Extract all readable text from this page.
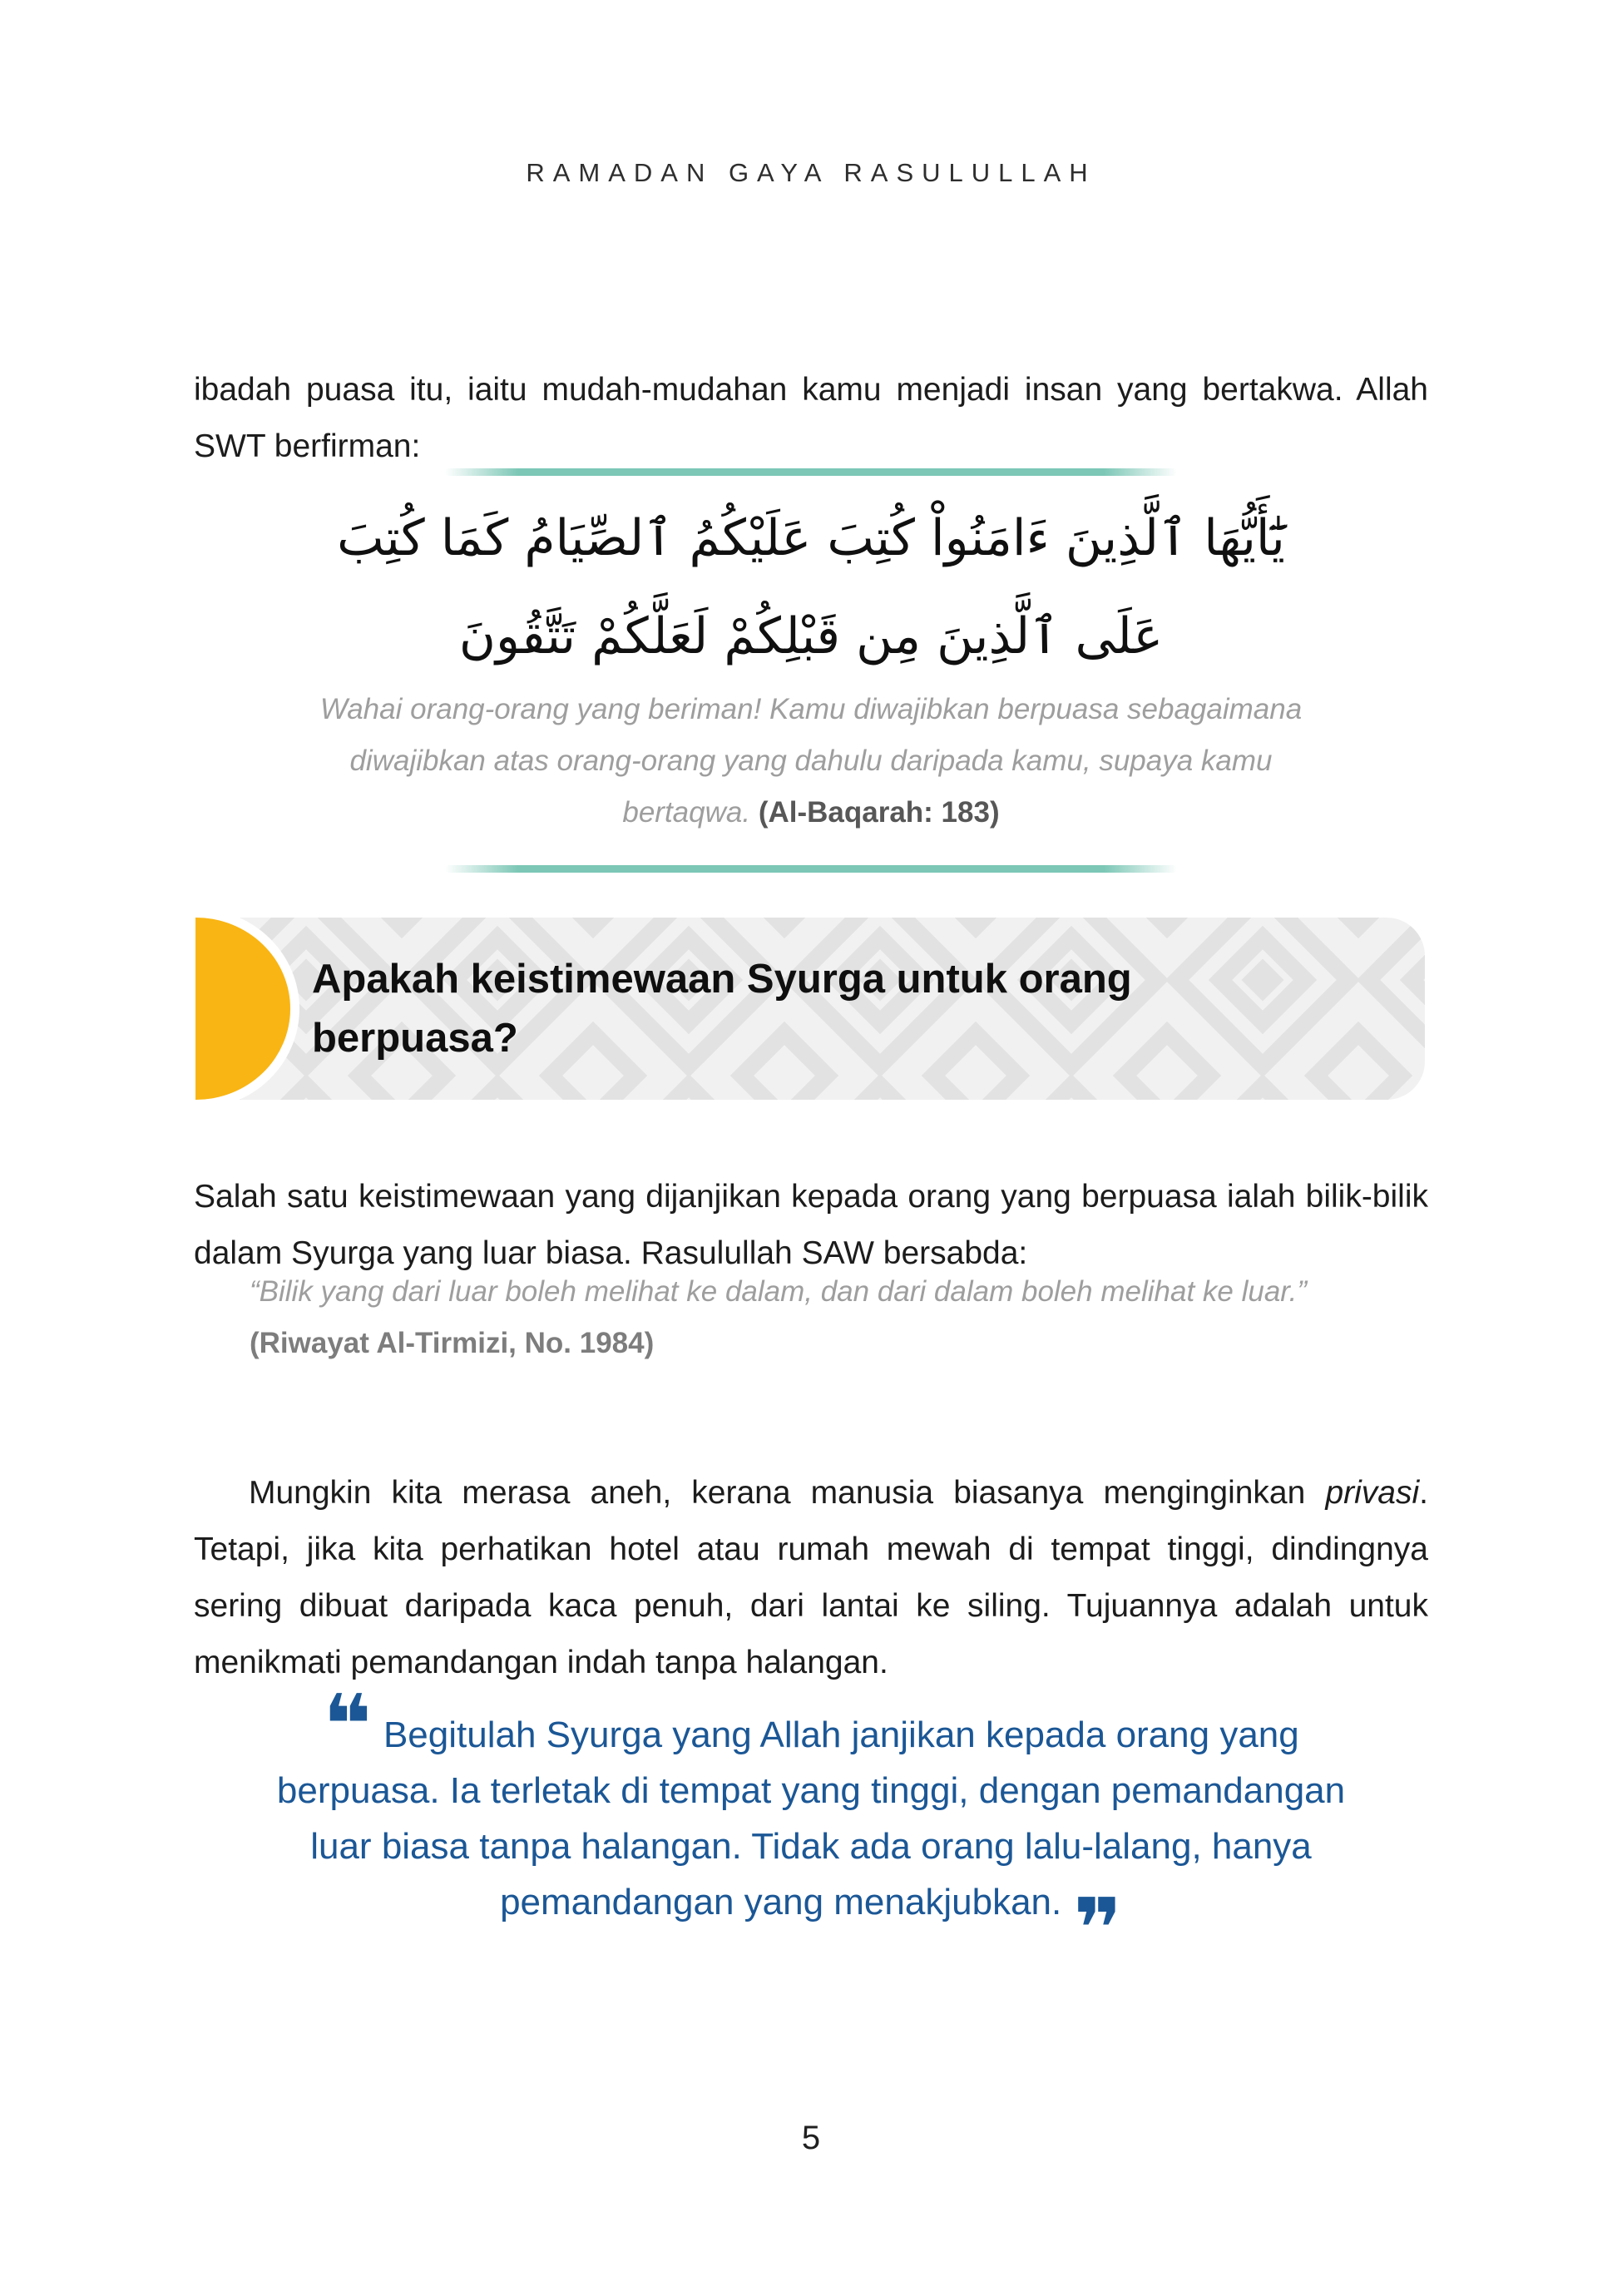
RAMADAN GAYA RASULULLAH

ibadah puasa itu, iaitu mudah-mudahan kamu menjadi insan yang bertakwa. Allah SWT berfirman:

يَٰٓأَيُّهَا ٱلَّذِينَ ءَامَنُواْ كُتِبَ عَلَيْكُمُ ٱلصِّيَامُ كَمَا كُتِبَ
عَلَى ٱلَّذِينَ مِن قَبْلِكُمْ لَعَلَّكُمْ تَتَّقُونَ
Wahai orang-orang yang beriman! Kamu diwajibkan berpuasa sebagaimana diwajibkan atas orang-orang yang dahulu daripada kamu, supaya kamu bertaqwa. (Al-Baqarah: 183)
Apakah keistimewaan Syurga untuk orang berpuasa?

Salah satu keistimewaan yang dijanjikan kepada orang yang berpuasa ialah bilik-bilik dalam Syurga yang luar biasa. Rasulullah SAW bersabda:

“Bilik yang dari luar boleh melihat ke dalam, dan dari dalam boleh melihat ke luar.” (Riwayat Al-Tirmizi, No. 1984)

Mungkin kita merasa aneh, kerana manusia biasanya menginginkan privasi. Tetapi, jika kita perhatikan hotel atau rumah mewah di tempat tinggi, dindingnya sering dibuat daripada kaca penuh, dari lantai ke siling. Tujuannya adalah untuk menikmati pemandangan indah tanpa halangan.

❝ Begitulah Syurga yang Allah janjikan kepada orang yang berpuasa. Ia terletak di tempat yang tinggi, dengan pemandangan luar biasa tanpa halangan. Tidak ada orang lalu-lalang, hanya pemandangan yang menakjubkan. ❞
5
